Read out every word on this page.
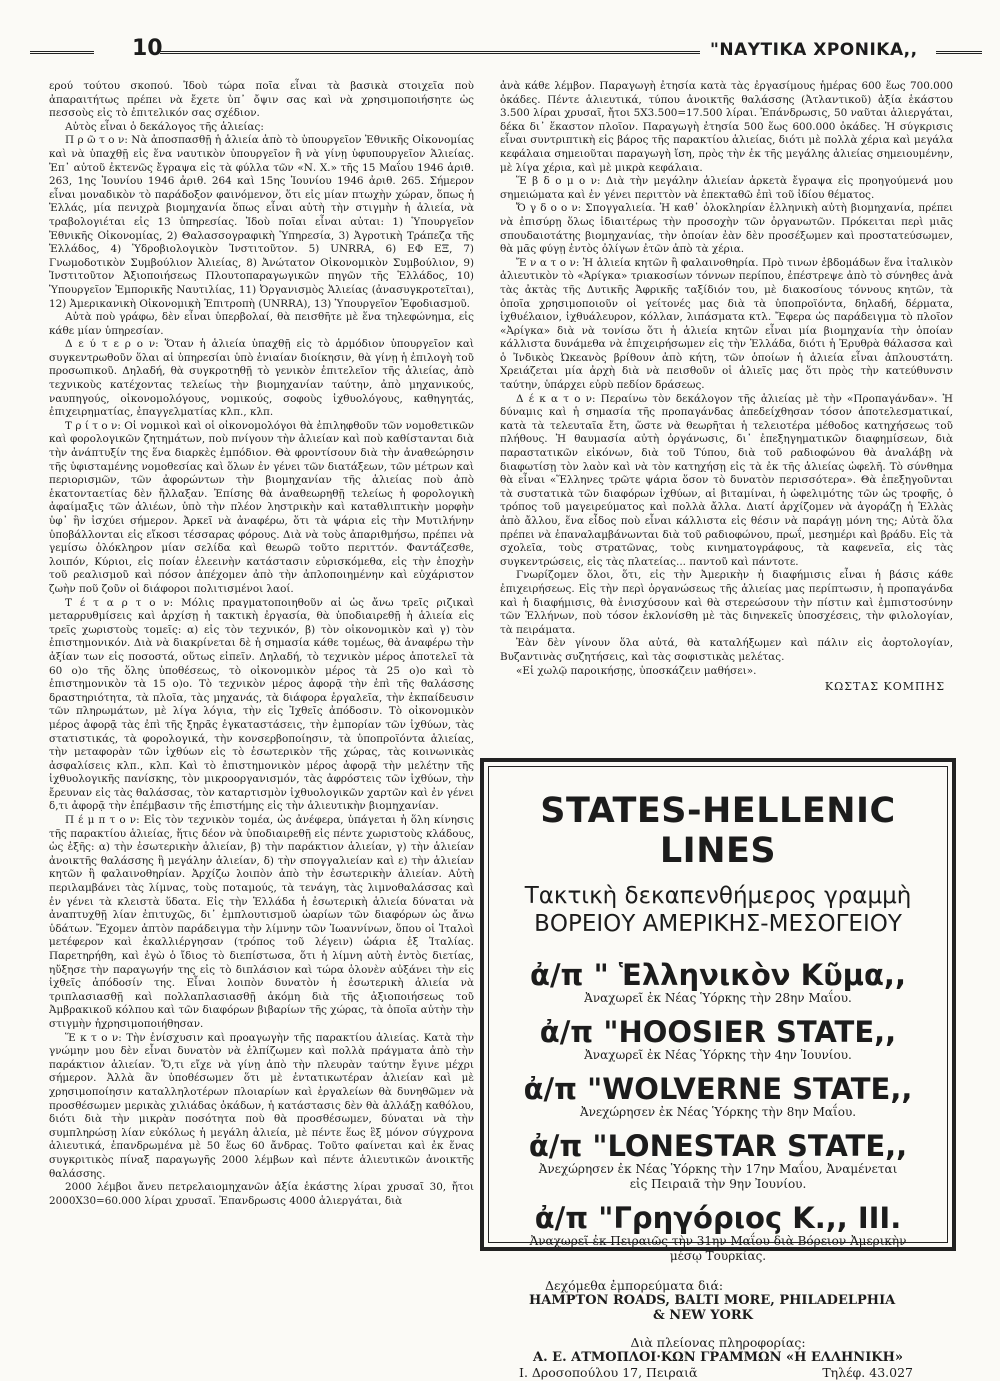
10	"ΝΑΥΤΙΚΑ ΧΡΟΝΙΚΑ,,

ερού τούτου σκοπού. Ἰδοὺ τώρα ποῖα εἶναι τὰ βασικὰ στοιχεῖα ποὺ ἀπαραιτήτως πρέπει νὰ ἔχετε ὑπ᾽ ὄψιν σας καὶ νὰ χρησιμοποιήσητε ὡς πεσσοὺς εἰς τὸ ἐπιτελικόν σας σχέδιον.

Αὐτὸς εἶναι ὁ δεκάλογος τῆς ἁλιείας:

Π ρ ῶ τ ο ν: Νὰ ἀποσπασθῇ ἡ ἁλιεία ἀπὸ τὸ ὑπουργεῖον Ἐθνικῆς Οἰκονομίας καὶ νὰ ὑπαχθῇ εἰς ἕνα ναυτικὸν ὑπουργεῖον ἢ νὰ γίνῃ ὑφυπουργεῖον Ἁλιείας. Ἐπ᾽ αὐτοῦ ἐκτενῶς ἔγραψα εἰς τὰ φύλλα τῶν «Ν. Χ.» τῆς 15 Μαΐου 1946 ἀριθ. 263, 1ης Ἰουνίου 1946 ἀριθ. 264 καὶ 15ης Ἰουνίου 1946 ἀριθ. 265. Σήμερον εἶναι μοναδικὸν τὸ παράδοξον φαινόμενον, ὅτι εἰς μίαν πτωχὴν χώραν, ὅπως ἡ Ἑλλάς, μία πενιχρὰ βιομηχανία ὅπως εἶναι αὐτὴ τὴν στιγμὴν ἡ ἁλιεία, νὰ τραβολογιέται εἰς 13 ὑπηρεσίας. Ἰδοὺ ποῖαι εἶναι αὐται: 1) Ὑπουργεῖον Ἐθνικῆς Οἰκονομίας, 2) Θαλασσογραφικὴ Ὑπηρεσία, 3) Ἀγροτικὴ Τράπεζα τῆς Ἑλλάδος, 4) Ὑδροβιολογικὸν Ἰνστιτοῦτον. 5) UNRRA, 6) ΕΦ ΕΞ, 7) Γνωμοδοτικὸν Συμβούλιον Ἁλιείας, 8) Ἀνώτατον Οἰκονομικὸν Συμβούλιον, 9) Ἰνστιτοῦτον Ἀξιοποιήσεως Πλουτοπαραγωγικῶν πηγῶν τῆς Ἑλλάδος, 10) Ὑπουργεῖον Ἐμπορικῆς Ναυτιλίας, 11) Ὀργανισμὸς Ἁλιείας (ἀνασυγκροτεῖται), 12) Ἀμερικανικὴ Οἰκονομικὴ Ἐπιτροπὴ (UNRRA), 13) Ὑπουργεῖον Ἐφοδιασμοῦ.

Αὐτὰ ποὺ γράφω, δὲν εἶναι ὑπερβολαί, θὰ πεισθῆτε μὲ ἕνα τηλεφώνημα, εἰς κάθε μίαν ὑπηρεσίαν.

Δ ε ύ τ ε ρ ο ν: Ὅταν ἡ ἁλιεία ὑπαχθῇ εἰς τὸ ἁρμόδιον ὑπουργεῖον καὶ συγκεντρωθοῦν ὅλαι αἱ ὑπηρεσίαι ὑπὸ ἑνιαίαν διοίκησιν, θὰ γίνῃ ἡ ἐπιλογὴ τοῦ προσωπικοῦ. Δηλαδή, θὰ συγκροτηθῇ τὸ γενικὸν ἐπιτελεῖον τῆς ἁλιείας, ἀπὸ τεχνικοὺς κατέχοντας τελείως τὴν βιομηχανίαν ταύτην, ἀπὸ μηχανικούς, ναυπηγούς, οἰκονομολόγους, νομικούς, σοφοὺς ἰχθυολόγους, καθηγητάς, ἐπιχειρηματίας, ἐπαγγελματίας κλπ., κλπ.

Τ ρ ί τ ο ν: Οἱ νομικοὶ καὶ οἱ οἰκονομολόγοι θὰ ἐπιληφθοῦν τῶν νομοθετικῶν καὶ φορολογικῶν ζητημάτων, ποὺ πνίγουν τὴν ἁλιείαν καὶ ποὺ καθίστανται διὰ τὴν ἀνάπτυξίν της ἕνα διαρκὲς ἐμπόδιον. Θὰ φροντίσουν διὰ τὴν ἀναθεώρησιν τῆς ὑφισταμένης νομοθεσίας καὶ ὅλων ἐν γένει τῶν διατάξεων, τῶν μέτρων καὶ περιορισμῶν, τῶν ἀφορώντων τὴν βιομηχανίαν τῆς ἁλιείας ποὺ ἀπὸ ἑκατονταετίας δὲν ἤλλαξαν. Ἐπίσης θὰ ἀναθεωρηθῇ τελείως ἡ φορολογικὴ ἀφαίμαξις τῶν ἁλιέων, ὑπὸ τὴν πλέον ληστρικὴν καὶ καταθλιπτικὴν μορφὴν ὑφ᾽ ἣν ἰσχύει σήμερον. Ἀρκεῖ νὰ ἀναφέρω, ὅτι τὰ ψάρια εἰς τὴν Μυτιλήνην ὑποβάλλονται εἰς εἴκοσι τέσσαρας φόρους. Διὰ νὰ τοὺς ἀπαριθμήσω, πρέπει νὰ γεμίσω ὁλόκληρον μίαν σελίδα καὶ θεωρῶ τοῦτο περιττόν. Φαντάζεσθε, λοιπόν, Κύριοι, εἰς ποίαν ἐλεεινὴν κατάστασιν εὑρισκόμεθα, εἰς τὴν ἐποχὴν τοῦ ρεαλισμοῦ καὶ πόσον ἀπέχομεν ἀπὸ τὴν ἀπλοποιημένην καὶ εὐχάριστον ζωὴν ποῦ ζοῦν οἱ διάφοροι πολιτισμένοι λαοί.

Τ έ τ α ρ τ ο ν: Μόλις πραγματοποιηθοῦν αἱ ὡς ἄνω τρεῖς ριζικαὶ μεταρρυθμίσεις καὶ ἀρχίσῃ ἡ τακτικὴ ἐργασία, θὰ ὑποδιαιρεθῇ ἡ ἁλιεία εἰς τρεῖς χωριστοὺς τομεῖς: α) εἰς τὸν τεχνικόν, β) τὸν οἰκονομικὸν καὶ γ) τὸν ἐπιστημονικόν. Διὰ νὰ διακρίνεται δὲ ἡ σημασία κάθε τομέως, θὰ ἀναφέρω τὴν ἀξίαν των εἰς ποσοστά, οὕτως εἰπεῖν. Δηλαδή, τὸ τεχνικὸν μέρος ἀποτελεῖ τὰ 60 ο)ο τῆς ὅλης ὑποθέσεως, τὸ οἰκονομικὸν μέρος τὰ 25 ο)ο καὶ τὸ ἐπιστημονικὸν τὰ 15 ο)ο. Τὸ τεχνικὸν μέρος ἀφορᾷ τὴν ἐπὶ τῆς θαλάσσης δραστηριότητα, τὰ πλοῖα, τὰς μηχανάς, τὰ διάφορα ἐργαλεῖα, τὴν ἐκπαίδευσιν τῶν πληρωμάτων, μὲ λίγα λόγια, τὴν εἰς Ἰχθεῖς ἀπόδοσιν. Τὸ οἰκονομικὸν μέρος ἀφορᾷ τὰς ἐπὶ τῆς ξηρᾶς ἐγκαταστάσεις, τὴν ἐμπορίαν τῶν ἰχθύων, τὰς στατιστικάς, τὰ φορολογικά, τὴν κονσερβοποίησιν, τὰ ὑποπροϊόντα ἁλιείας, τὴν μεταφορὰν τῶν ἰχθύων εἰς τὸ ἐσωτερικὸν τῆς χώρας, τὰς κοινωνικὰς ἀσφαλίσεις κλπ., κλπ. Καὶ τὸ ἐπιστημονικὸν μέρος ἀφορᾷ τὴν μελέτην τῆς ἰχθυολογικῆς πανίσκης, τὸν μικροοργανισμόν, τὰς ἀφρόστεις τῶν ἰχθύων, τὴν ἔρευναν εἰς τὰς θαλάσσας, τὸν καταρτισμὸν ἰχθυολογικῶν χαρτῶν καὶ ἐν γένει δ,τι ἀφορᾷ τὴν ἐπέμβασιν τῆς ἐπιστήμης εἰς τὴν ἀλιευτικὴν βιομηχανίαν.

Π έ μ π τ ο ν: Εἰς τὸν τεχνικὸν τομέα, ὡς ἀνέφερα, ὑπάγεται ἡ ὅλη κίνησις τῆς παρακτίου ἁλιείας, ἥτις δέον νὰ ὑποδιαιρεθῇ εἰς πέντε χωριστοὺς κλάδους, ὡς ἑξῆς: α) τὴν ἐσωτερικὴν ἁλιείαν, β) τὴν παράκτιον ἁλιείαν, γ) τὴν ἁλιείαν ἀνοικτῆς θαλάσσης ἢ μεγάλην ἁλιείαν, δ) τὴν σπογγαλιείαν καὶ ε) τὴν ἁλιείαν κητῶν ἢ φαλαινοθηρίαν. Ἀρχίζω λοιπὸν ἀπὸ τὴν ἐσωτερικὴν ἁλιείαν. Αὐτὴ περιλαμβάνει τὰς λίμνας, τοὺς ποταμούς, τὰ τενάγη, τὰς λιμνοθαλάσσας καὶ ἐν γένει τὰ κλειστὰ ὕδατα. Εἰς τὴν Ἑλλάδα ἡ ἐσωτερικὴ ἁλιεία δύναται νὰ ἀναπτυχθῇ λίαν ἐπιτυχῶς, δι᾽ ἐμπλουτισμοῦ ὠαρίων τῶν διαφόρων ὡς ἄνω ὑδάτων. Ἔχομεν ἀπτὸν παράδειγμα τὴν λίμνην τῶν Ἰωαννίνων, ὅπου οἱ Ἰταλοὶ μετέφερον καὶ ἐκαλλιέργησαν (τρόπος τοῦ λέγειν) ὠάρια ἐξ Ἰταλίας. Παρετηρήθη, καὶ ἐγὼ ὁ ἴδιος τὸ διεπίστωσα, ὅτι ἡ λίμνη αὐτὴ ἐντὸς διετίας, ηὔξησε τὴν παραγωγήν της εἰς τὸ διπλάσιον καὶ τώρα ὁλονὲν αὐξάνει τὴν εἰς ἰχθεῖς ἀπόδοσίν της. Εἶναι λοιπὸν δυνατὸν ἡ ἐσωτερικὴ ἁλιεία νὰ τριπλασιασθῇ καὶ πολλαπλασιασθῇ ἀκόμη διὰ τῆς ἀξιοποιήσεως τοῦ Ἀμβρακικοῦ κόλπου καὶ τῶν διαφόρων βιβαρίων τῆς χώρας, τὰ ὁποῖα αὐτὴν τὴν στιγμὴν ἠχρησιμοποιήθησαν.

Ἕ κ τ ο ν: Τὴν ἐνίσχυσιν καὶ προαγωγὴν τῆς παρακτίου ἁλιείας. Κατὰ τὴν γνώμην μου δὲν εἶναι δυνατὸν νὰ ἐλπίζωμεν καὶ πολλὰ πράγματα ἀπὸ τὴν παράκτιον ἁλιείαν. Ὅ,τι εἴχε νὰ γίνῃ ἀπὸ τὴν πλευρὰν ταύτην ἔγινε μέχρι σήμερον. Ἀλλὰ ἂν ὑποθέσωμεν ὅτι μὲ ἐντατικωτέραν ἁλιείαν καὶ μὲ χρησιμοποίησιν καταλληλοτέρων πλοιαρίων καὶ ἐργαλείων θὰ δυνηθῶμεν νὰ προσθέσωμεν μερικὰς χιλιάδας ὀκάδων, ἡ κατάστασις δὲν θὰ ἀλλάξῃ καθόλου, διότι διὰ τὴν μικρὰν ποσότητα ποὺ θὰ προσθέσωμεν, δύναται νὰ τὴν συμπληρώσῃ λίαν εὐκόλως ἡ μεγάλη ἁλιεία, μὲ πέντε ἕως ἓξ μόνον σύγχρονα ἁλιευτικά, ἐπανδρωμένα μὲ 50 ἕως 60 ἄνδρας. Τοῦτο φαίνεται καὶ ἐκ ἕνας συγκριτικὸς πίναξ παραγωγῆς 2000 λέμβων καὶ πέντε ἁλιευτικῶν ἀνοικτῆς θαλάσσης.

2000 λέμβοι ἄνευ πετρελαιομηχανῶν ἀξία ἑκάστης λίραι χρυσαῖ 30, ἤτοι 2000Χ30=60.000 λίραι χρυσαῖ. Ἐπανδρωσις 4000 ἁλιεργάται, διὰ

ἀνὰ κάθε λέμβον. Παραγωγὴ ἐτησία κατὰ τὰς ἐργασίμους ἡμέρας 600 ἕως 700.000 ὀκάδες. Πέντε ἁλιευτικά, τύπου ἀνοικτῆς θαλάσσης (Ἀτλαντικοῦ) ἀξία ἑκάστου 3.500 λίραι χρυσαῖ, ἤτοι 5Χ3.500=17.500 λίραι. Ἐπάνδρωσις, 50 ναῦται ἁλιεργάται, δέκα δι᾽ ἕκαστον πλοῖον. Παραγωγὴ ἐτησία 500 ἕως 600.000 ὀκάδες. Ἡ σύγκρισις εἶναι συντριπτικὴ εἰς βάρος τῆς παρακτίου ἁλιείας, διότι μὲ πολλὰ χέρια καὶ μεγάλα κεφάλαια σημειοῦται παραγωγὴ ἴση, πρὸς τὴν ἐκ τῆς μεγάλης ἁλιείας σημειουμένην, μὲ λίγα χέρια, καὶ μὲ μικρὰ κεφάλαια.

Ἕ β δ ο μ ο ν: Διὰ τὴν μεγάλην ἁλιείαν ἀρκετὰ ἔγραψα εἰς προηγούμενά μου σημειώματα καὶ ἐν γένει περιττὸν νὰ ἐπεκταθῶ ἐπὶ τοῦ ἰδίου θέματος.

Ὄ γ δ ο ο ν: Σπογγαλιεία. Ἡ καθ᾽ ὁλοκληρίαν ἑλληνικὴ αὐτὴ βιομηχανία, πρέπει νὰ ἐπισύρῃ ὅλως ἰδιαιτέρως τὴν προσοχὴν τῶν ὀργανωτῶν. Πρόκειται περὶ μιᾶς σπουδαιοτάτης βιομηχανίας, τὴν ὁποίαν ἐὰν δὲν προσέξωμεν καὶ προστατεύσωμεν, θὰ μᾶς φύγῃ ἐντὸς ὀλίγων ἐτῶν ἀπὸ τὰ χέρια.

Ἔ ν α τ ο ν: Ἡ ἁλιεία κητῶν ἢ φαλαινοθηρία. Πρὸ τινων ἑβδομάδων ἕνα ἰταλικὸν ἁλιευτικὸν τὸ «Ἀρίγκα» τριακοσίων τόννων περίπου, ἐπέστρεψε ἀπὸ τὸ σύνηθες ἀνὰ τὰς ἀκτὰς τῆς Δυτικῆς Ἀφρικῆς ταξίδιόν του, μὲ διακοσίους τόννους κητῶν, τὰ ὁποῖα χρησιμοποιοῦν οἱ γείτονές μας διὰ τὰ ὑποπροϊόντα, δηλαδή, δέρματα, ἰχθυέλαιον, ἰχθυάλευρον, κόλλαν, λιπάσματα κτλ. Ἔφερα ὡς παράδειγμα τὸ πλοῖον «Ἀρίγκα» διὰ νὰ τονίσω ὅτι ἡ ἁλιεία κητῶν εἶναι μία βιομηχανία τὴν ὁποίαν κάλλιστα δυνάμεθα νὰ ἐπιχειρήσωμεν εἰς τὴν Ἑλλάδα, διότι ἡ Ἐρυθρὰ θάλασσα καὶ ὁ Ἰνδικὸς Ὠκεανὸς βρίθουν ἀπὸ κήτη, τῶν ὁποίων ἡ ἁλιεία εἶναι ἀπλουστάτη. Χρειάζεται μία ἀρχὴ διὰ νὰ πεισθοῦν οἱ ἁλιεῖς μας ὅτι πρὸς τὴν κατεύθυνσιν ταύτην, ὑπάρχει εὐρὺ πεδίον δράσεως.

Δ έ κ α τ ο ν: Περαίνω τὸν δεκάλογον τῆς ἁλιείας μὲ τὴν «Προπαγάνδαν». Ἡ δύναμις καὶ ἡ σημασία τῆς προπαγάνδας ἀπεδείχθησαν τόσον ἀποτελεσματικαί, κατὰ τὰ τελευταῖα ἔτη, ὥστε νὰ θεωρῆται ἡ τελειοτέρα μέθοδος κατηχήσεως τοῦ πλήθους. Ἡ θαυμασία αὐτὴ ὀργάνωσις, δι᾽ ἐπεξηγηματικῶν διαφημίσεων, διὰ παραστατικῶν εἰκόνων, διὰ τοῦ Τύπου, διὰ τοῦ ραδιοφώνου θὰ ἀναλάβῃ νὰ διαφωτίσῃ τὸν λαὸν καὶ νὰ τὸν κατηχήσῃ εἰς τὰ ἐκ τῆς ἁλιείας ὠφελῆ. Τὸ σύνθημα θὰ εἶναι «Ἕλληνες τρῶτε ψάρια ὅσον τὸ δυνατὸν περισσότερα». Θὰ ἐπεξηγοῦνται τὰ συστατικὰ τῶν διαφόρων ἰχθύων, αἱ βιταμίναι, ἡ ὠφελιμότης τῶν ὡς τροφῆς, ὁ τρόπος τοῦ μαγειρεύματος καὶ πολλὰ ἄλλα. Διατί ἀρχίζομεν νὰ ἀγοράζῃ ἡ Ἑλλὰς ἀπὸ ἄλλου, ἕνα εἶδος ποὺ εἶναι κάλλιστα εἰς θέσιν νὰ παράγῃ μόνη της; Αὐτὰ ὅλα πρέπει νὰ ἐπαναλαμβάνωνται διὰ τοῦ ραδιοφώνου, πρωΐ, μεσημέρι καὶ βράδυ. Εἰς τὰ σχολεῖα, τοὺς στρατῶνας, τοὺς κινηματογράφους, τὰ καφενεῖα, εἰς τὰς συγκεντρώσεις, εἰς τὰς πλατείας... παντοῦ καὶ πάντοτε.

Γνωρίζομεν ὅλοι, ὅτι, εἰς τὴν Ἀμερικὴν ἡ διαφήμισις εἶναι ἡ βάσις κάθε ἐπιχειρήσεως. Εἰς τὴν περὶ ὀργανώσεως τῆς ἁλιείας μας περίπτωσιν, ἡ προπαγάνδα καὶ ἡ διαφήμισις, θὰ ἐνισχύσουν καὶ θὰ στερεώσουν τὴν πίστιν καὶ ἐμπιστοσύνην τῶν Ἑλλήνων, ποὺ τόσον ἐκλονίσθη μὲ τὰς διηνεκεῖς ὑποσχέσεις, τὴν φιλολογίαν, τὰ πειράματα.

Ἐὰν δὲν γίνουν ὅλα αὐτά, θὰ καταλήξωμεν καὶ πάλιν εἰς ἀορτολογίαν, Βυζαντινὰς συζητήσεις, καὶ τὰς σοφιστικὰς μελέτας.

«Εἰ χωλῷ παροικήσῃς, ὑποσκάζειν μαθήσει».

ΚΩΣΤΑΣ ΚΟΜΠΗΣ
STATES-HELLENIC LINES
Τακτικὴ δεκαπενθήμερος γραμμὴ
ΒΟΡΕΙΟΥ ΑΜΕΡΙΚΗΣ-ΜΕΣΟΓΕΙΟΥ
ἀ/π " Ἑλληνικὸν Κῦμα,,
Ἀναχωρεῖ ἐκ Νέας Ὑόρκης τὴν 28ην Μαΐου.
ἀ/π "HOOSIER STATE,,
Ἀναχωρεῖ ἐκ Νέας Ὑόρκης τὴν 4ην Ἰουνίου.
ἀ/π "WOLVERNE STATE,,
Ἀνεχώρησεν ἐκ Νέας Ὑόρκης τὴν 8ην Μαΐου.
ἀ/π "LONESTAR STATE,,
Ἀνεχώρησεν ἐκ Νέας Ὑόρκης τὴν 17ην Μαΐου, Ἀναμένεται εἰς Πειραιᾶ τὴν 9ην Ἰουνίου.
ἀ/π "Γρηγόριος Κ.,, ΙΙΙ.
Ἀναχωρεῖ ἐκ Πειραιῶς τὴν 31ην Μαΐου διὰ Βόρειον Ἀμερικὴν μέσῳ Τουρκίας.
Δεχόμεθα ἐμπορεύματα διά:
HAMPTON ROADS, BALTI MORE, PHILADELPHIA
& NEW YORK
Διὰ πλείονας πληροφορίας:
Α. Ε. ΑΤΜΟΠΛΟΙ·ΚΩΝ ΓΡΑΜΜΩΝ «Η ΕΛΛΗΝΙΚΗ»
Ι. Δροσοπούλου 17, Πειραιᾶ	Τηλέφ. 43.027
